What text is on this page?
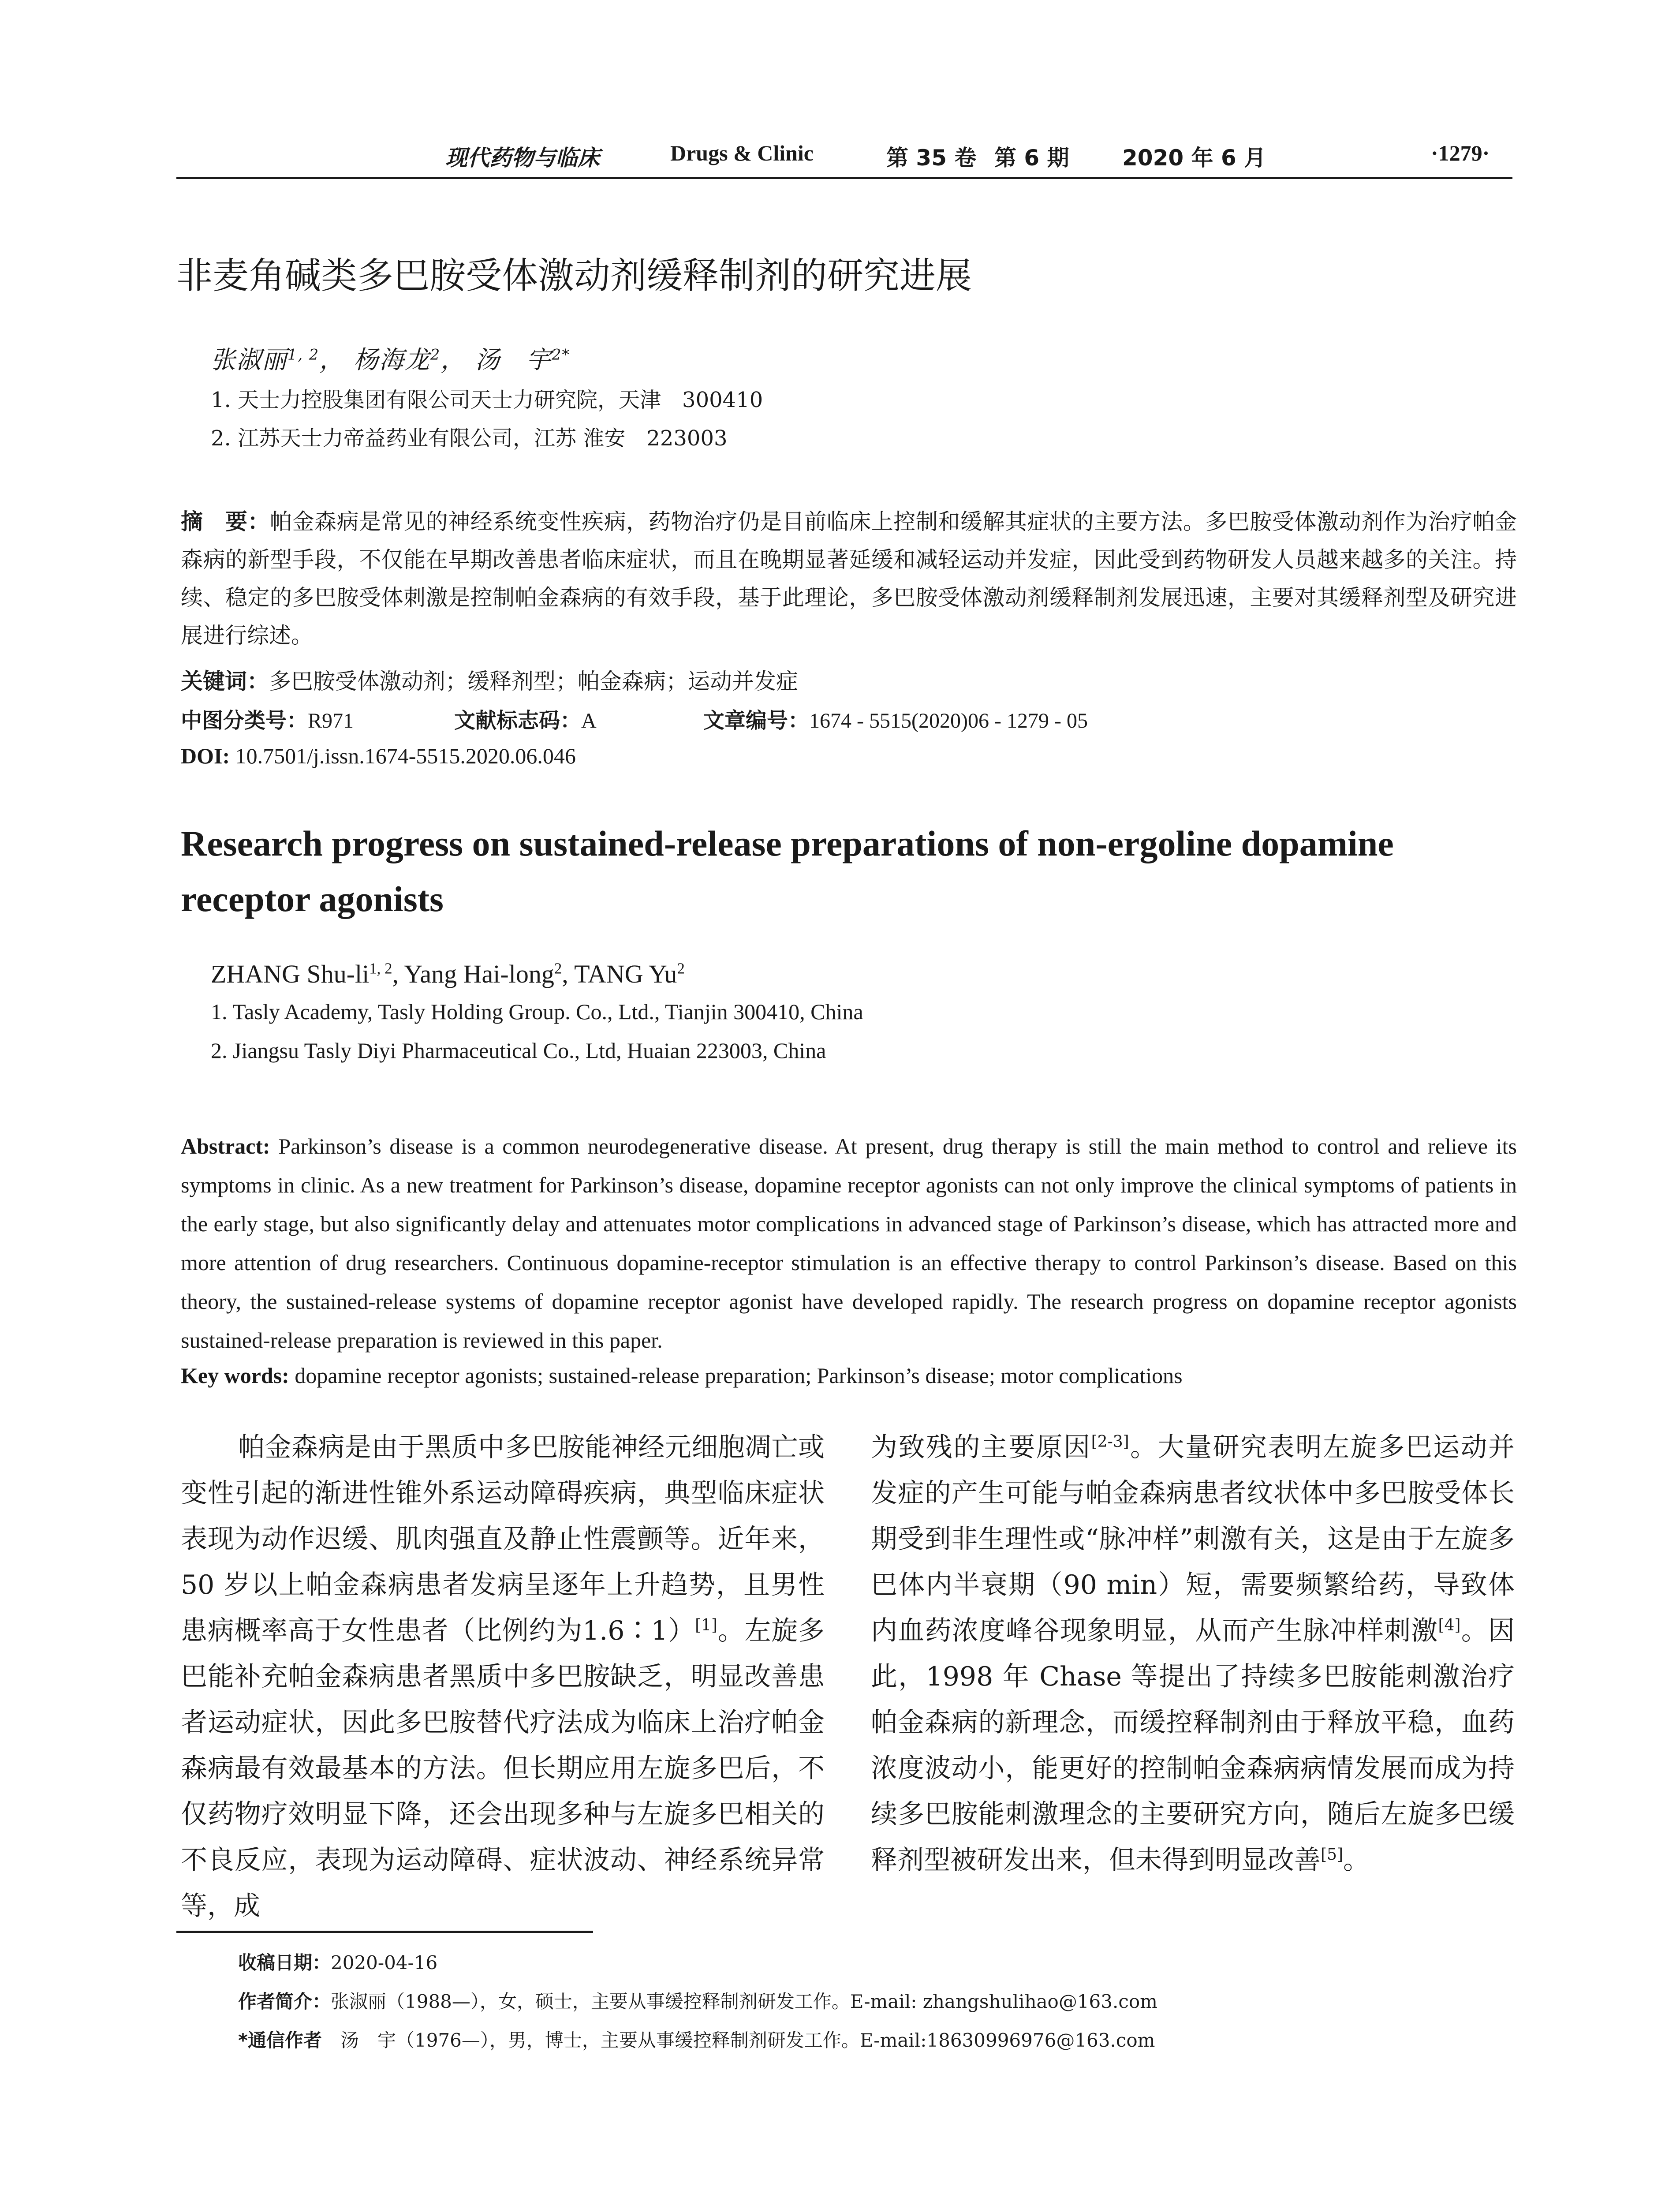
现代药物与临床	Drugs & Clinic	第 35 卷 第 6 期 2020 年 6 月	·1279·
非麦角碱类多巴胺受体激动剂缓释制剂的研究进展
张淑丽$^{1, 2}$， 杨海龙$^2$， 汤　宇$^{2*}$
1. 天士力控股集团有限公司天士力研究院，天津　300410
2. 江苏天士力帝益药业有限公司，江苏 淮安　223003
摘　要：帕金森病是常见的神经系统变性疾病，药物治疗仍是目前临床上控制和缓解其症状的主要方法。多巴胺受体激动剂作为治疗帕金森病的新型手段，不仅能在早期改善患者临床症状，而且在晚期显著延缓和减轻运动并发症，因此受到药物研发人员越来越多的关注。持续、稳定的多巴胺受体刺激是控制帕金森病的有效手段，基于此理论，多巴胺受体激动剂缓释制剂发展迅速，主要对其缓释剂型及研究进展进行综述。
关键词：多巴胺受体激动剂；缓释剂型；帕金森病；运动并发症
中图分类号：R971	文献标志码：A	文章编号：1674 - 5515(2020)06 - 1279 - 05
DOI: 10.7501/j.issn.1674-5515.2020.06.046
Research progress on sustained-release preparations of non-ergoline dopamine receptor agonists
ZHANG Shu-li$^{1, 2}$, Yang Hai-long$^2$, TANG Yu$^2$
1. Tasly Academy, Tasly Holding Group. Co., Ltd., Tianjin 300410, China
2. Jiangsu Tasly Diyi Pharmaceutical Co., Ltd, Huaian 223003, China
Abstract: Parkinson’s disease is a common neurodegenerative disease. At present, drug therapy is still the main method to control and relieve its symptoms in clinic. As a new treatment for Parkinson’s disease, dopamine receptor agonists can not only improve the clinical symptoms of patients in the early stage, but also significantly delay and attenuates motor complications in advanced stage of Parkinson’s disease, which has attracted more and more attention of drug researchers. Continuous dopamine-receptor stimulation is an effective therapy to control Parkinson’s disease. Based on this theory, the sustained-release systems of dopamine receptor agonist have developed rapidly. The research progress on dopamine receptor agonists sustained-release preparation is reviewed in this paper.
Key words: dopamine receptor agonists; sustained-release preparation; Parkinson’s disease; motor complications
帕金森病是由于黑质中多巴胺能神经元细胞凋亡或变性引起的渐进性锥外系运动障碍疾病，典型临床症状表现为动作迟缓、肌肉强直及静止性震颤等。近年来，50 岁以上帕金森病患者发病呈逐年上升趋势，且男性患病概率高于女性患者（比例约为1.6∶1）[1]。左旋多巴能补充帕金森病患者黑质中多巴胺缺乏，明显改善患者运动症状，因此多巴胺替代疗法成为临床上治疗帕金森病最有效最基本的方法。但长期应用左旋多巴后，不仅药物疗效明显下降，还会出现多种与左旋多巴相关的不良反应，表现为运动障碍、症状波动、神经系统异常等，成
为致残的主要原因[2-3]。大量研究表明左旋多巴运动并发症的产生可能与帕金森病患者纹状体中多巴胺受体长期受到非生理性或“脉冲样”刺激有关，这是由于左旋多巴体内半衰期（90 min）短，需要频繁给药，导致体内血药浓度峰谷现象明显，从而产生脉冲样刺激[4]。因此，1998 年 Chase 等提出了持续多巴胺能刺激治疗帕金森病的新理念，而缓控释制剂由于释放平稳，血药浓度波动小，能更好的控制帕金森病病情发展而成为持续多巴胺能刺激理念的主要研究方向，随后左旋多巴缓释剂型被研发出来，但未得到明显改善[5]。
收稿日期：2020-04-16
作者简介：张淑丽（1988—），女，硕士，主要从事缓控释制剂研发工作。E-mail: zhangshulihao@163.com
*通信作者　 汤　宇（1976—），男，博士，主要从事缓控释制剂研发工作。E-mail:18630996976@163.com
